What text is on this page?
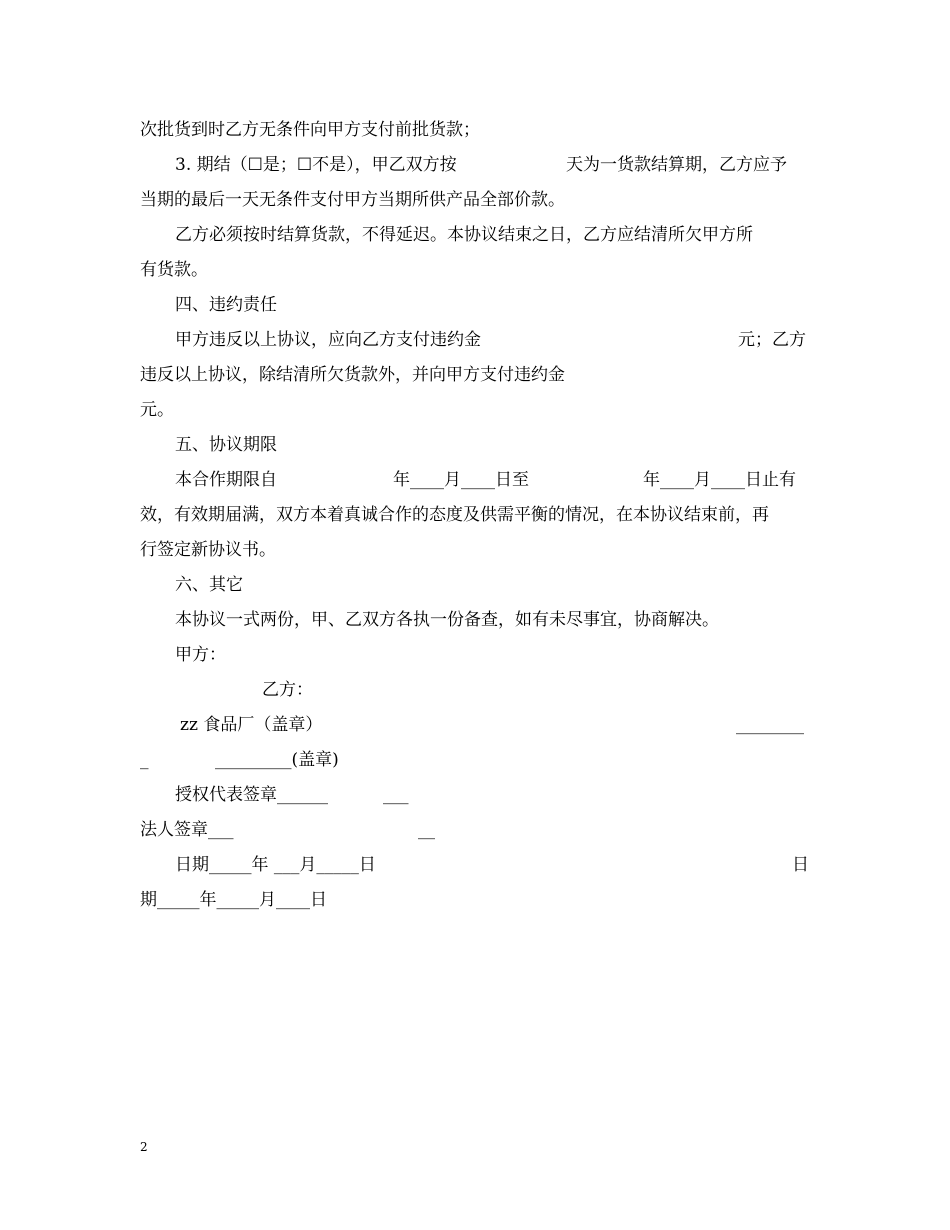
次批货到时乙方无条件向甲方支付前批货款；

3. 期结（☐是；☐不是），甲乙双方按	天为一货款结算期，乙方应予

当期的最后一天无条件支付甲方当期所供产品全部价款。

乙方必须按时结算货款，不得延迟。本协议结束之日，乙方应结清所欠甲方所

有货款。

四、违约责任

甲方违反以上协议，应向乙方支付违约金	元；乙方

违反以上协议，除结清所欠货款外，并向甲方支付违约金

元。

五、协议期限

本合作期限自	年____月____日至	年____月____日止有

效，有效期届满，双方本着真诚合作的态度及供需平衡的情况，在本协议结束前，再

行签定新协议书。

六、其它

本协议一式两份，甲、乙双方各执一份备查，如有未尽事宜，协商解决。

甲方：

乙方：

zz 食品厂（盖章）	________

_	_________(盖章)

授权代表签章______	___

法人签章___	__

日期_____年 ___月_____日	日

期_____年_____月____日

2
